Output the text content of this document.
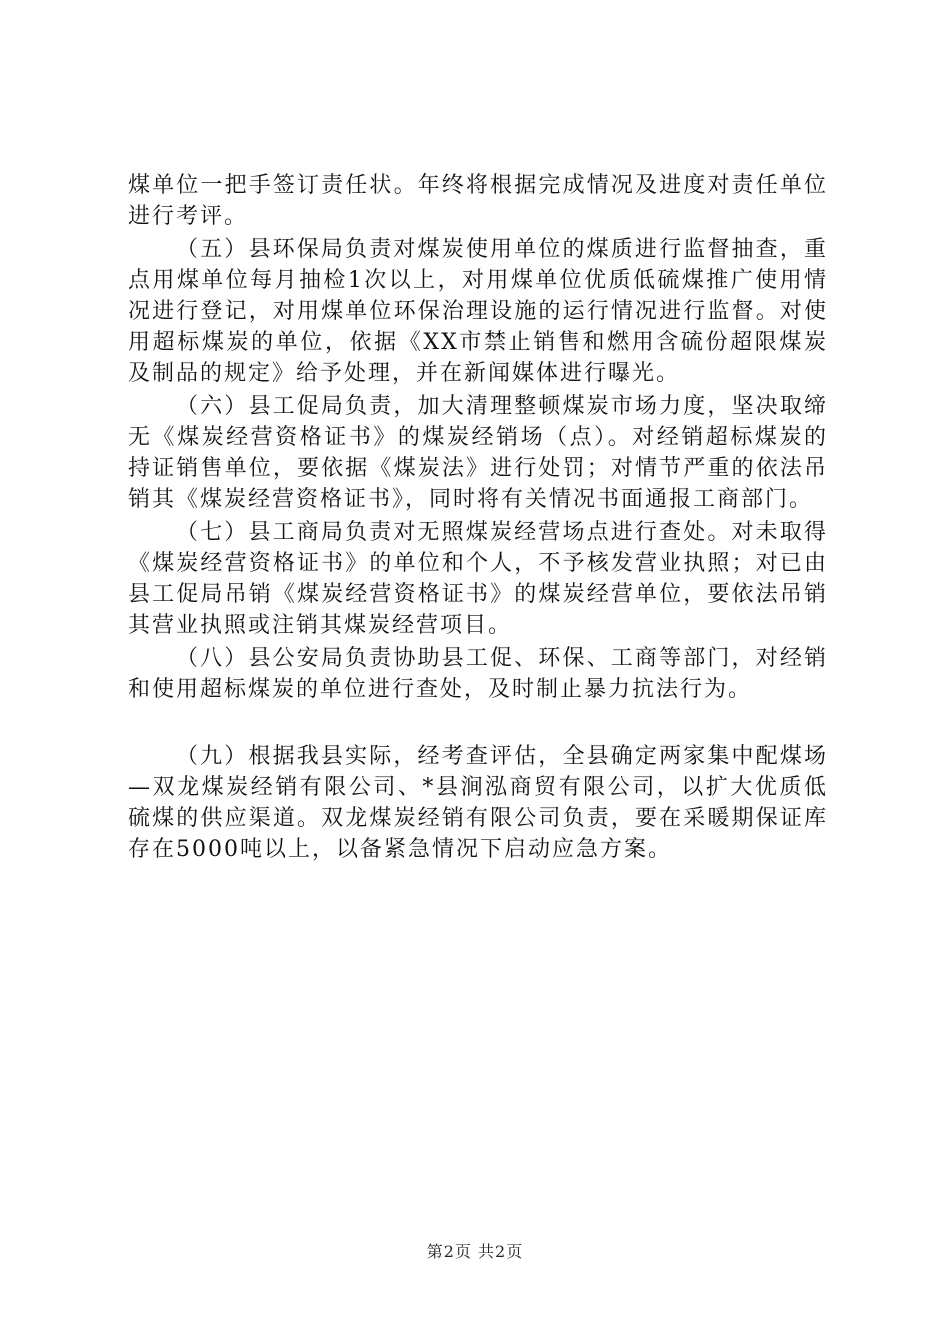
煤单位一把手签订责任状。年终将根据完成情况及进度对责任单位进行考评。

（五）县环保局负责对煤炭使用单位的煤质进行监督抽查，重点用煤单位每月抽检1次以上，对用煤单位优质低硫煤推广使用情况进行登记，对用煤单位环保治理设施的运行情况进行监督。对使用超标煤炭的单位，依据《XX市禁止销售和燃用含硫份超限煤炭及制品的规定》给予处理，并在新闻媒体进行曝光。

（六）县工促局负责，加大清理整顿煤炭市场力度，坚决取缔无《煤炭经营资格证书》的煤炭经销场（点）。对经销超标煤炭的持证销售单位，要依据《煤炭法》进行处罚；对情节严重的依法吊销其《煤炭经营资格证书》，同时将有关情况书面通报工商部门。

（七）县工商局负责对无照煤炭经营场点进行查处。对未取得《煤炭经营资格证书》的单位和个人，不予核发营业执照；对已由县工促局吊销《煤炭经营资格证书》的煤炭经营单位，要依法吊销其营业执照或注销其煤炭经营项目。

（八）县公安局负责协助县工促、环保、工商等部门，对经销和使用超标煤炭的单位进行查处，及时制止暴力抗法行为。

（九）根据我县实际，经考查评估，全县确定两家集中配煤场—双龙煤炭经销有限公司、*县涧泓商贸有限公司，以扩大优质低硫煤的供应渠道。双龙煤炭经销有限公司负责，要在采暖期保证库存在5000吨以上，以备紧急情况下启动应急方案。

第2页 共2页
